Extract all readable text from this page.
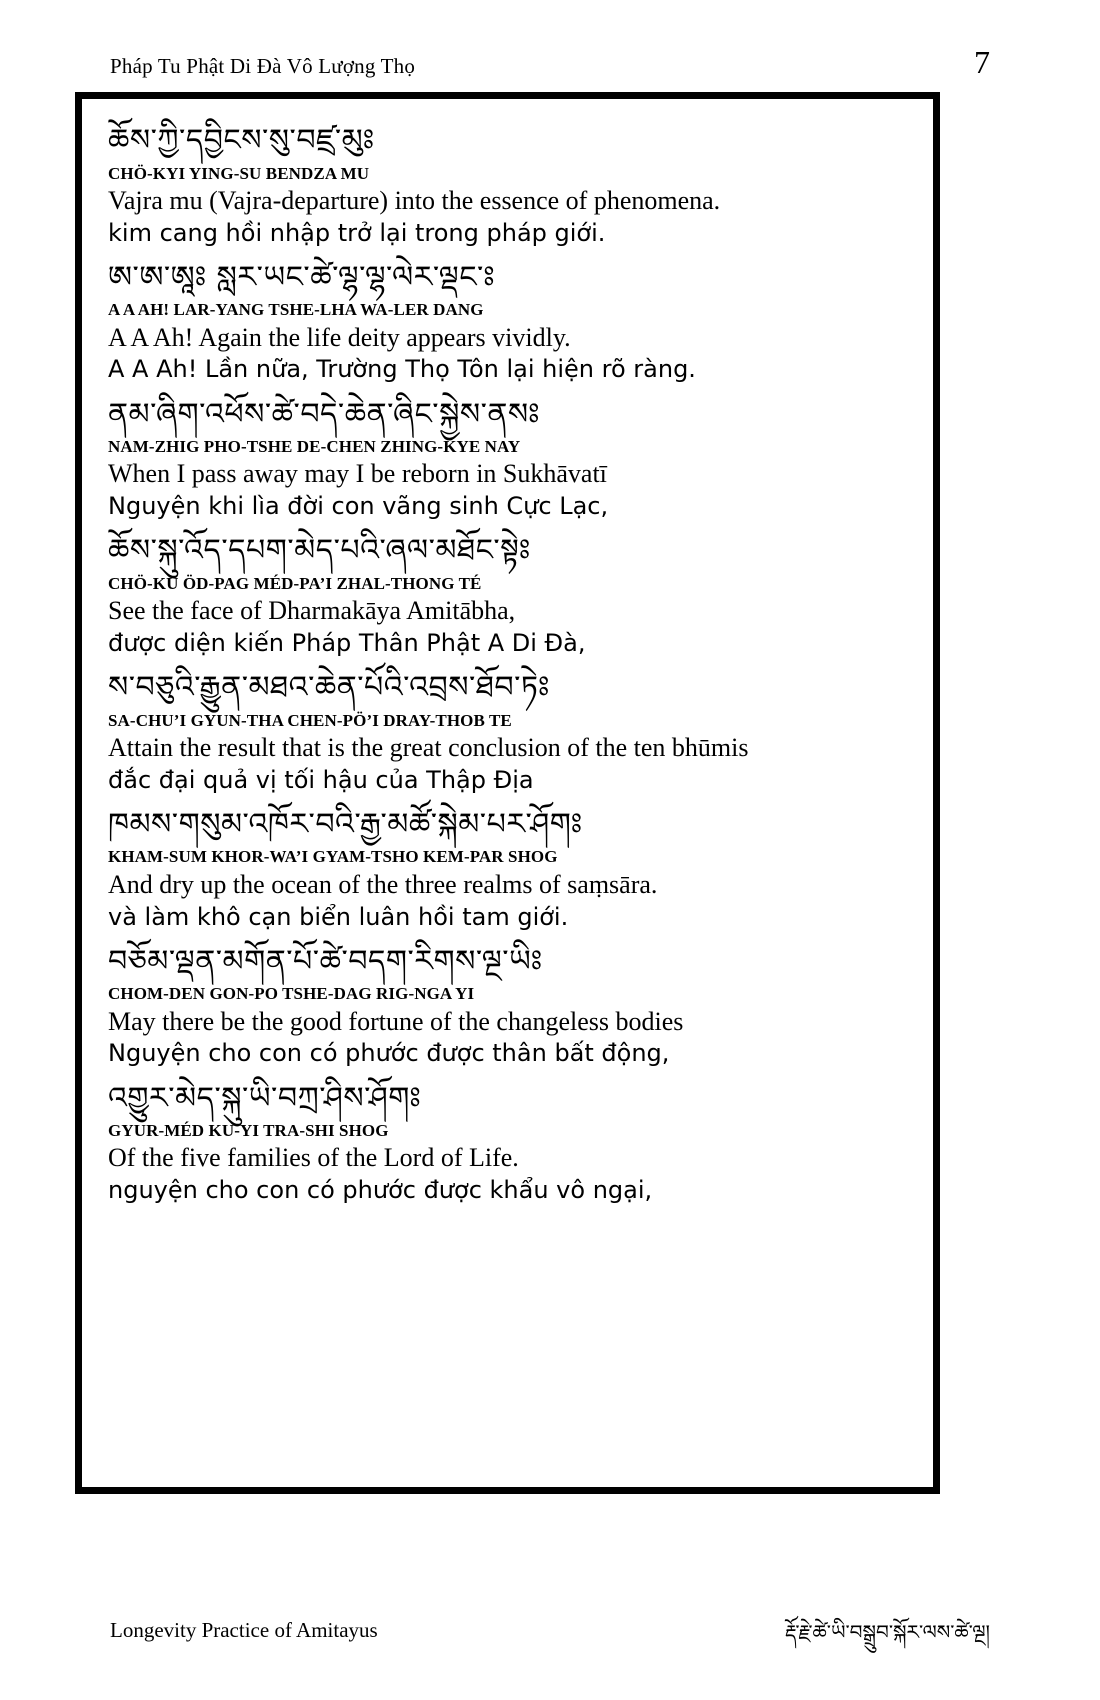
Pháp Tu Phật Di Đà Vô Lượng Thọ	7
ཆོས་ཀྱི་དབྱིངས་སུ་བཛྲ་མུཿ
CHÖ-KYI YING-SU BENDZA MU
Vajra mu (Vajra-departure) into the essence of phenomena.
kim cang hồi nhập trở lại trong pháp giới.
ཨ་ཨ་ཨཱཿ སླར་ཡང་ཚེ་ལྷ་ལྷ་ལེར་ལྡང་ཿ
A A AH! LAR-YANG TSHE-LHA WA-LER DANG
A A Ah! Again the life deity appears vividly.
A A Ah! Lần nữa, Trường Thọ Tôn lại hiện rõ ràng.
ནམ་ཞིག་འཕོས་ཚེ་བདེ་ཆེན་ཞིང་སྐྱེས་ནསཿ
NAM-ZHIG PHO-TSHE DE-CHEN ZHING-KYE NAY
When I pass away may I be reborn in Sukhāvatī
Nguyện khi lìa đời con vãng sinh Cực Lạc,
ཆོས་སྐུ་འོད་དཔག་མེད་པའི་ཞལ་མཐོང་སྟེཿ
CHÖ-KU ÖD-PAG MÉD-PA’I ZHAL-THONG TÉ
See the face of Dharmakāya Amitābha,
được diện kiến Pháp Thân Phật A Di Đà,
ས་བཅུའི་རྒྱུན་མཐའ་ཆེན་པོའི་འབྲས་ཐོབ་ཏེཿ
SA-CHU’I GYUN-THA CHEN-PÖ’I DRAY-THOB TE
Attain the result that is the great conclusion of the ten bhūmis
đắc đại quả vị tối hậu của Thập Địa
ཁམས་གསུམ་འཁོར་བའི་རྒྱ་མཚོ་སྐེམ་པར་ཤོགཿ
KHAM-SUM KHOR-WA’I GYAM-TSHO KEM-PAR SHOG
And dry up the ocean of the three realms of saṃsāra.
và làm khô cạn biển luân hồi tam giới.
བཅོམ་ལྡན་མགོན་པོ་ཚེ་བདག་རིགས་ལྔ་ཡིཿ
CHOM-DEN GON-PO TSHE-DAG RIG-NGA YI
May there be the good fortune of the changeless bodies
Nguyện cho con có phước được thân bất động,
འགྱུར་མེད་སྐུ་ཡི་བཀྲ་ཤིས་ཤོགཿ
GYUR-MÉD KU-YI TRA-SHI SHOG
Of the five families of the Lord of Life.
nguyện cho con có phước được khẩu vô ngại,
Longevity Practice of Amitayus	རྡོ་རྗེ་ཚེ་ཡི་བསྒྲུབ་སྐོར་ལས་ཚེ་ལྔ།
